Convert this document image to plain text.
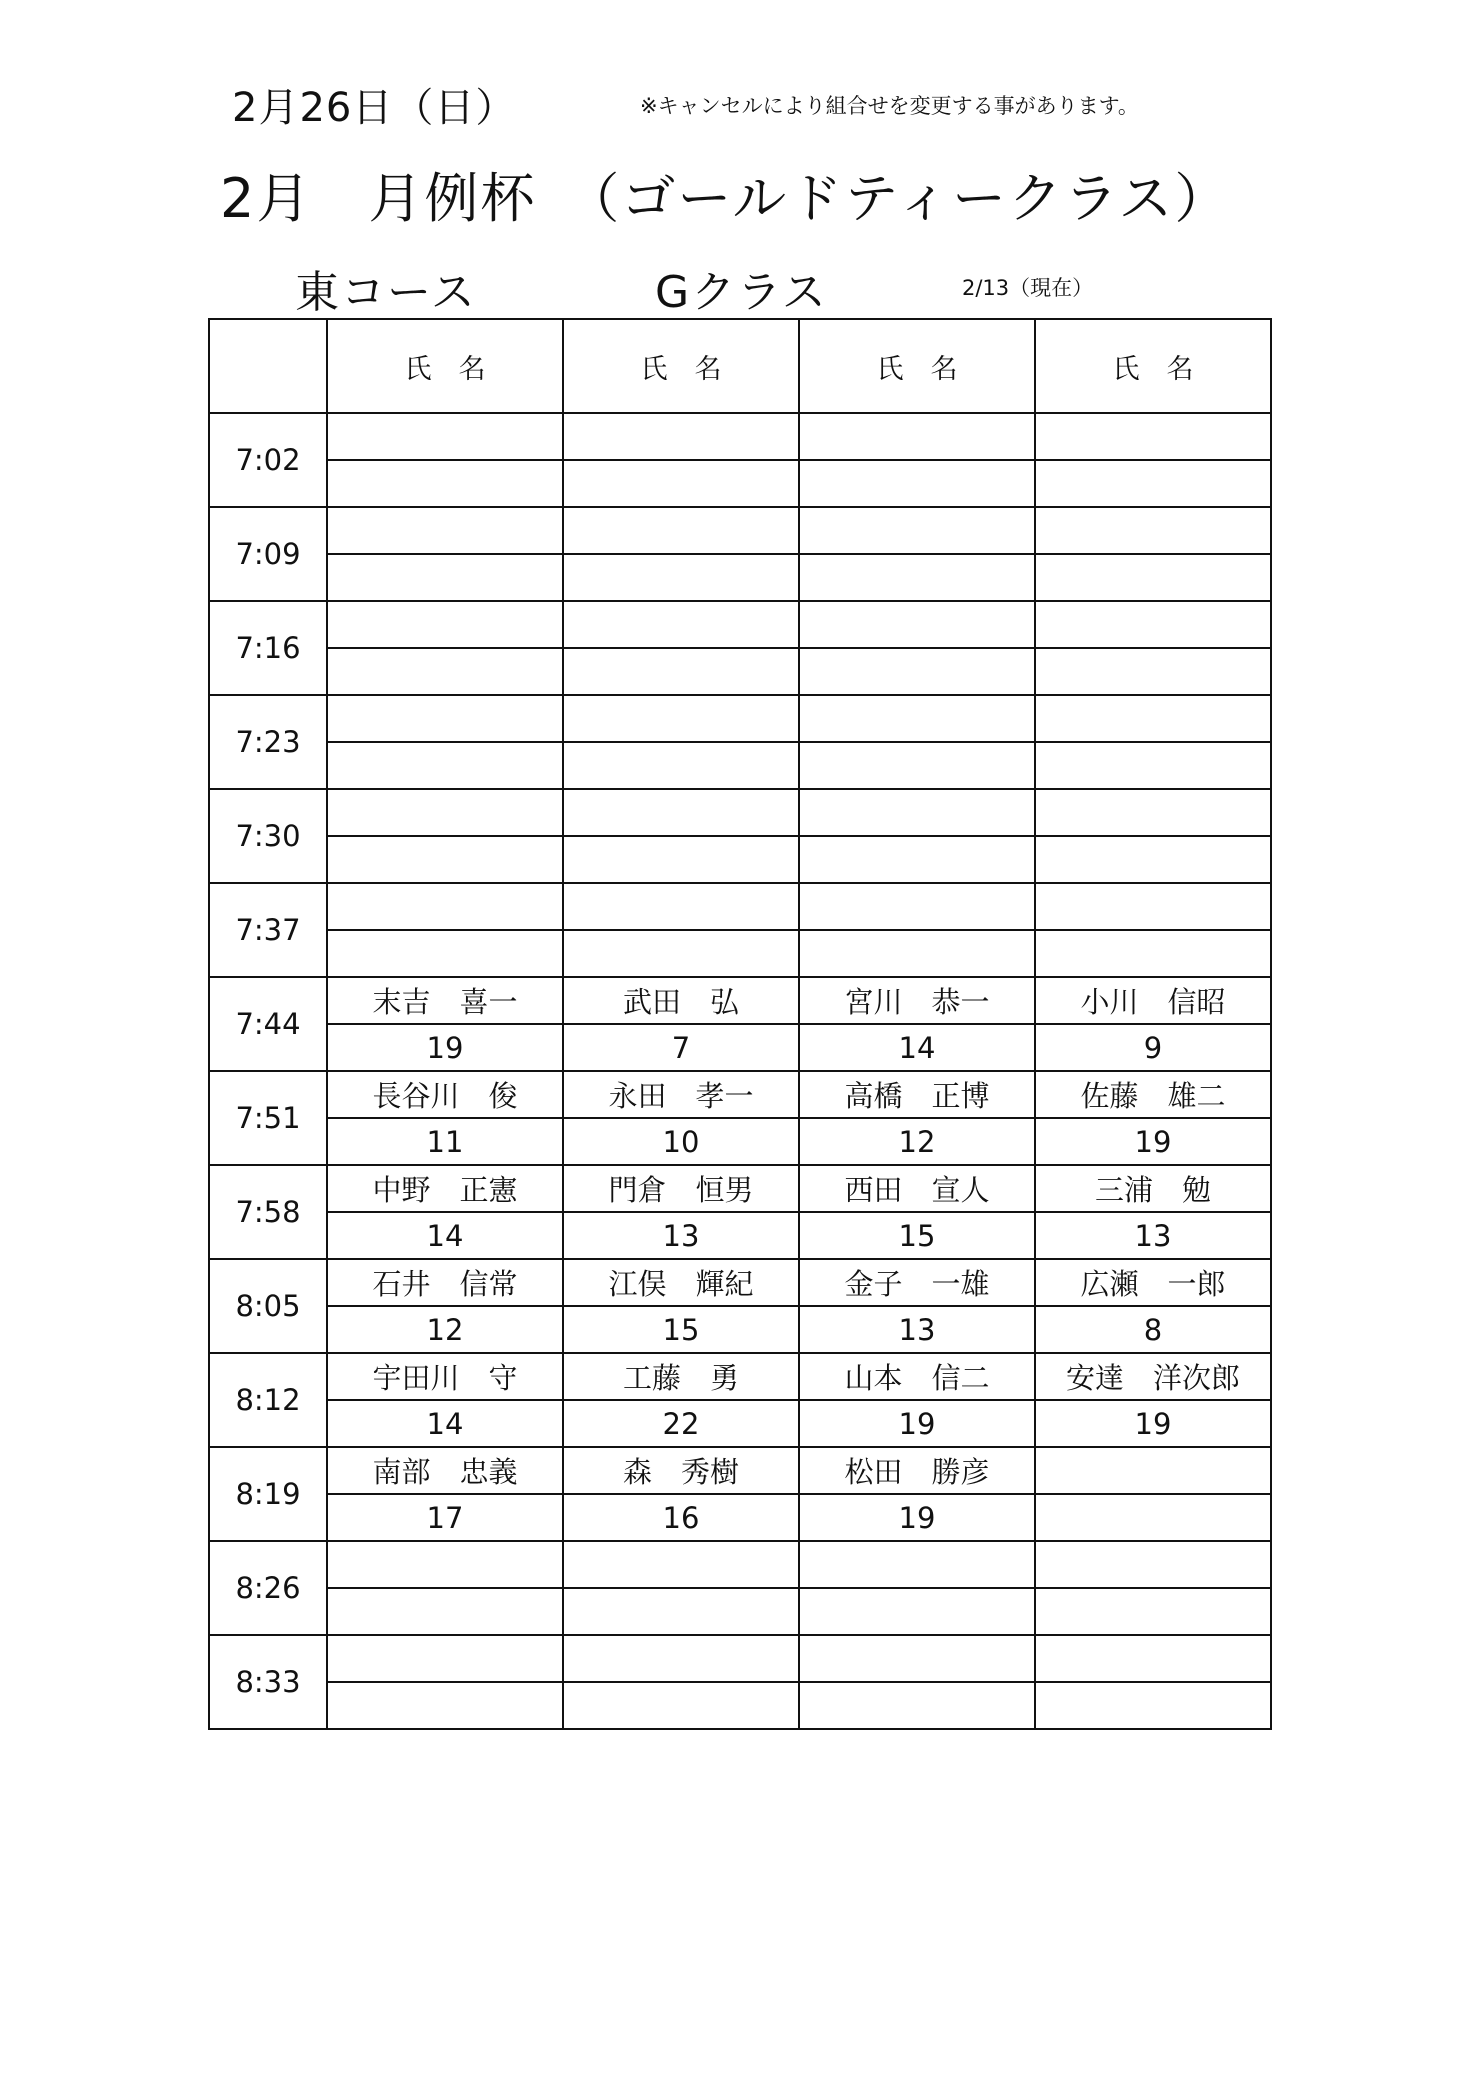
2月26日（日）	※キャンセルにより組合せを変更する事があります。
2月　月例杯　（ゴールドティークラス）
東コース	Gクラス	2/13（現在）
	氏　名	氏　名	氏　名	氏　名
7:02				

7:09				

7:16				

7:23				

7:30				

7:37				

7:44	末吉　喜一	武田　弘	宮川　恭一	小川　信昭
	19	7	14	9
7:51	長谷川　俊	永田　孝一	高橋　正博	佐藤　雄二
	11	10	12	19
7:58	中野　正憲	門倉　恒男	西田　宣人	三浦　勉
	14	13	15	13
8:05	石井　信常	江俣　輝紀	金子　一雄	広瀬　一郎
	12	15	13	8
8:12	宇田川　守	工藤　勇	山本　信二	安達　洋次郎
	14	22	19	19
8:19	南部　忠義	森　秀樹	松田　勝彦	
	17	16	19	
8:26				

8:33				
